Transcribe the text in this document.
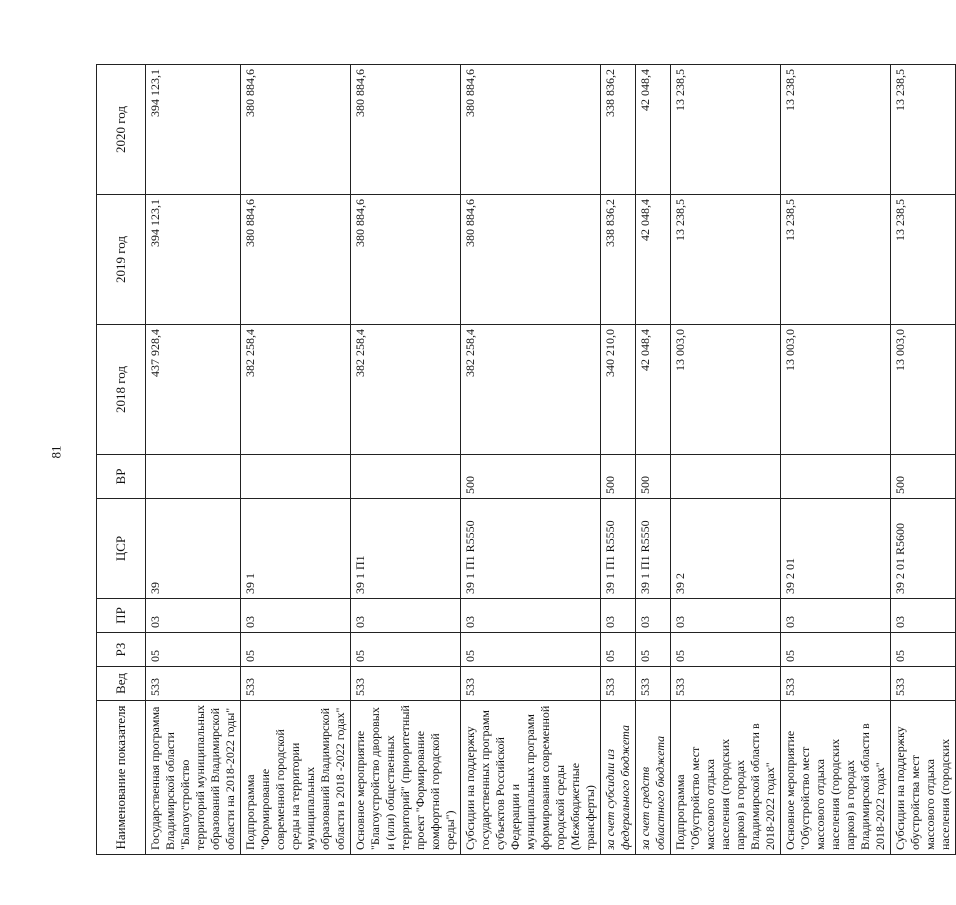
81
Наименование показателя	Вед	РЗ	ПР	ЦСР	ВР	2018 год	2019 год	2020 год
Государственная программа Владимирской области "Благоустройство территорий муниципальных образований Владимирской области на 2018-2022 годы"	533	05	03	39		437 928,4	394 123,1	394 123,1
Подпрограмма "Формирование современной городской среды на территории муниципальных образований Владимирской области в 2018 -2022 годах"	533	05	03	39 1		382 258,4	380 884,6	380 884,6
Основное мероприятие "Благоустройство дворовых и (или) общественных территорий" (приоритетный проект "Формирование комфортной городской среды")	533	05	03	39 1 П1		382 258,4	380 884,6	380 884,6
Субсидии на поддержку государственных программ субъектов Российской Федерации и муниципальных программ формирования современной городской среды (Межбюджетные трансферты)	533	05	03	39 1 П1 R5550	500	382 258,4	380 884,6	380 884,6
за счет субсидии из федерального бюджета	533	05	03	39 1 П1 R5550	500	340 210,0	338 836,2	338 836,2
за счет средств областного бюджета	533	05	03	39 1 П1 R5550	500	42 048,4	42 048,4	42 048,4
Подпрограмма "Обустройство мест массового отдыха населения (городских парков) в городах Владимирской области в 2018-2022 годах"	533	05	03	39 2		13 003,0	13 238,5	13 238,5
Основное мероприятие "Обустройство мест массового отдыха населения (городских парков) в городах Владимирской области в 2018-2022 годах"	533	05	03	39 2 01		13 003,0	13 238,5	13 238,5
Субсидии на поддержку обустройства мест массового отдыха населения (городских	533	05	03	39 2 01 R5600	500	13 003,0	13 238,5	13 238,5
